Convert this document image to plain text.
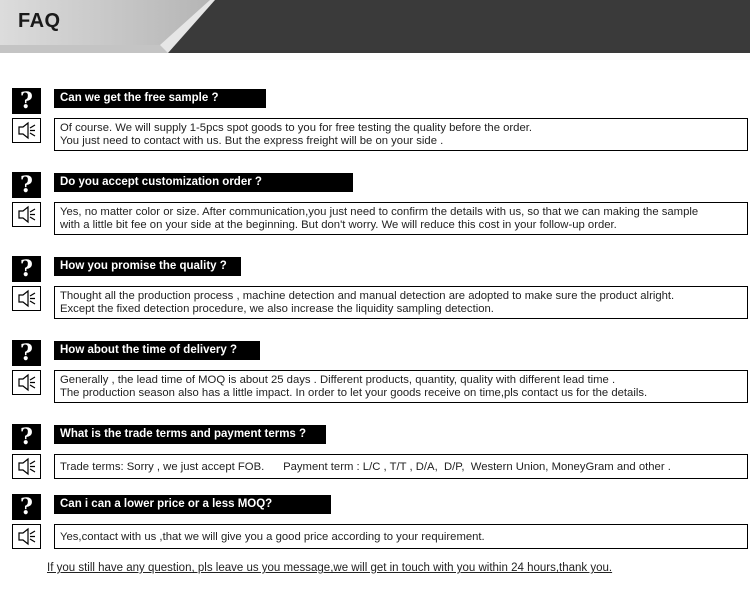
FAQ
?	Can we get the free sample ?
Of course. We will supply 1-5pcs spot goods to you for free testing the quality before the order.
You just need to contact with us. But the express freight will be on your side .
?	Do you accept customization order ?
Yes, no matter color or size. After communication,you just need to confirm the details with us, so that we can making the sample
with a little bit fee on your side at the beginning. But don't worry. We will reduce this cost in your follow-up order.
?	How you promise the quality ?
Thought all the production process , machine detection and manual detection are adopted to make sure the product alright.
Except the fixed detection procedure, we also increase the liquidity sampling detection.
?	How about the time of delivery ?
Generally , the lead time of MOQ is about 25 days . Different products, quantity, quality with different lead time .
The production season also has a little impact. In order to let your goods receive on time,pls contact us for the details.
?	What is the trade terms and payment terms ?
Trade terms: Sorry , we just accept FOB.      Payment term : L/C , T/T , D/A,  D/P,  Western Union, MoneyGram and other .
?	Can i can a lower price or a less MOQ?
Yes,contact with us ,that we will give you a good price according to your requirement.
If you still have any question, pls leave us you message,we will get in touch with you within 24 hours,thank you.
